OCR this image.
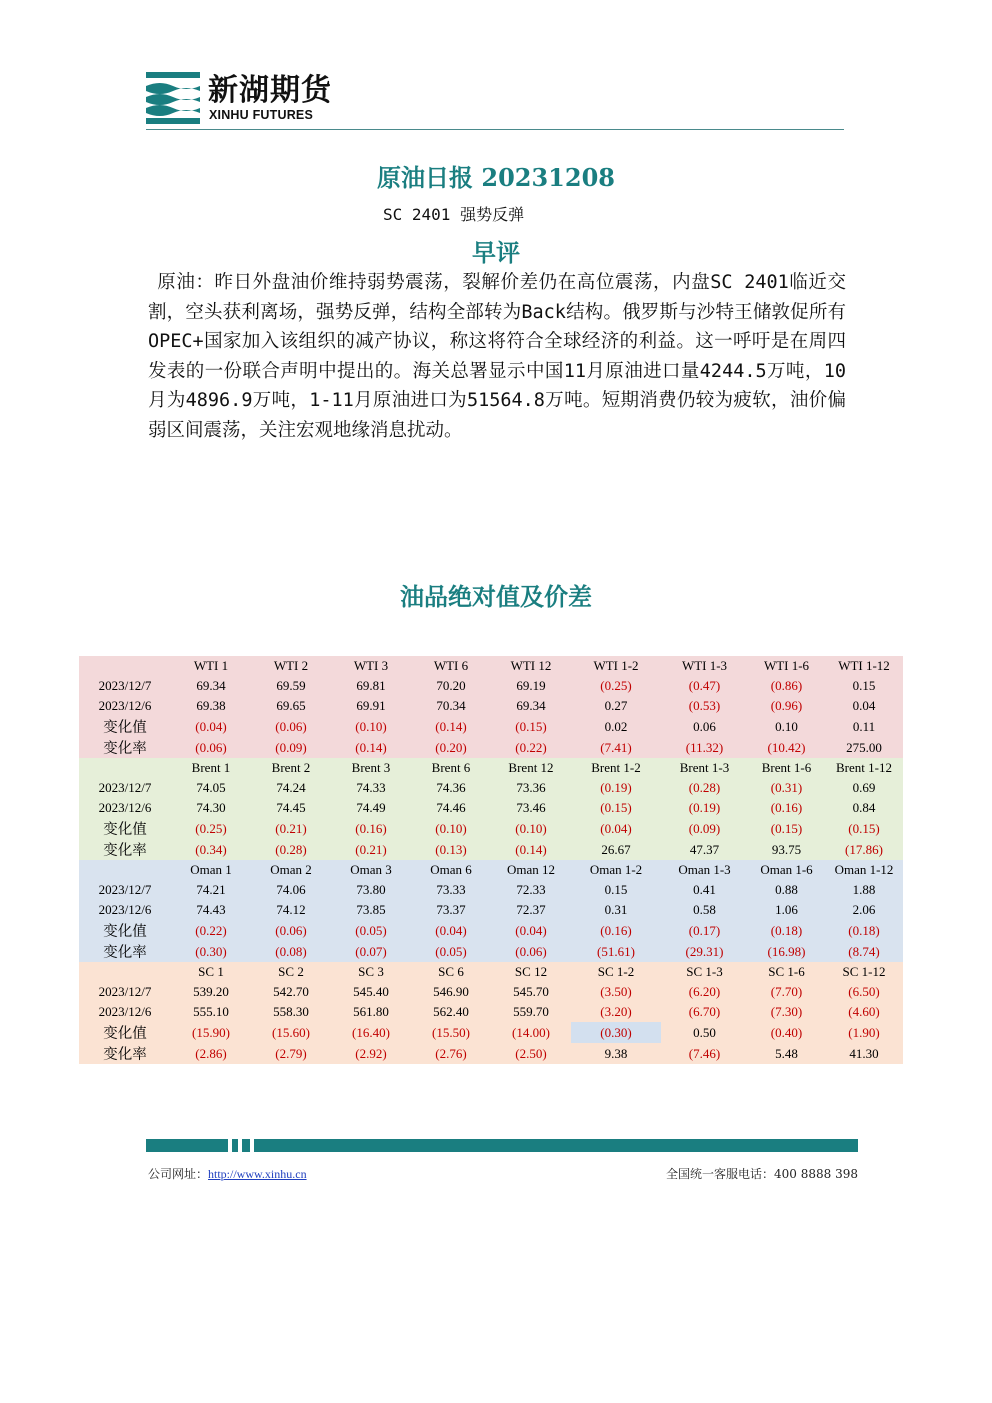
新湖期货
XINHU FUTURES
原油日报 20231208
SC 2401 强势反弹
早评
原油：昨日外盘油价维持弱势震荡，裂解价差仍在高位震荡，内盘SC 2401临近交割，空头获利离场，强势反弹，结构全部转为Back结构。俄罗斯与沙特王储敦促所有OPEC+国家加入该组织的减产协议，称这将符合全球经济的利益。这一呼吁是在周四发表的一份联合声明中提出的。海关总署显示中国11月原油进口量4244.5万吨，10月为4896.9万吨，1-11月原油进口为51564.8万吨。短期消费仍较为疲软，油价偏弱区间震荡，关注宏观地缘消息扰动。
油品绝对值及价差
	WTI 1	WTI 2	WTI 3	WTI 6	WTI 12	WTI 1-2	WTI 1-3	WTI 1-6	WTI 1-12
2023/12/7	69.34	69.59	69.81	70.20	69.19	(0.25)	(0.47)	(0.86)	0.15
2023/12/6	69.38	69.65	69.91	70.34	69.34	0.27	(0.53)	(0.96)	0.04
变化值	(0.04)	(0.06)	(0.10)	(0.14)	(0.15)	0.02	0.06	0.10	0.11
变化率	(0.06)	(0.09)	(0.14)	(0.20)	(0.22)	(7.41)	(11.32)	(10.42)	275.00
	Brent 1	Brent 2	Brent 3	Brent 6	Brent 12	Brent 1-2	Brent 1-3	Brent 1-6	Brent 1-12
2023/12/7	74.05	74.24	74.33	74.36	73.36	(0.19)	(0.28)	(0.31)	0.69
2023/12/6	74.30	74.45	74.49	74.46	73.46	(0.15)	(0.19)	(0.16)	0.84
变化值	(0.25)	(0.21)	(0.16)	(0.10)	(0.10)	(0.04)	(0.09)	(0.15)	(0.15)
变化率	(0.34)	(0.28)	(0.21)	(0.13)	(0.14)	26.67	47.37	93.75	(17.86)
	Oman 1	Oman 2	Oman 3	Oman 6	Oman 12	Oman 1-2	Oman 1-3	Oman 1-6	Oman 1-12
2023/12/7	74.21	74.06	73.80	73.33	72.33	0.15	0.41	0.88	1.88
2023/12/6	74.43	74.12	73.85	73.37	72.37	0.31	0.58	1.06	2.06
变化值	(0.22)	(0.06)	(0.05)	(0.04)	(0.04)	(0.16)	(0.17)	(0.18)	(0.18)
变化率	(0.30)	(0.08)	(0.07)	(0.05)	(0.06)	(51.61)	(29.31)	(16.98)	(8.74)
	SC 1	SC 2	SC 3	SC 6	SC 12	SC 1-2	SC 1-3	SC 1-6	SC 1-12
2023/12/7	539.20	542.70	545.40	546.90	545.70	(3.50)	(6.20)	(7.70)	(6.50)
2023/12/6	555.10	558.30	561.80	562.40	559.70	(3.20)	(6.70)	(7.30)	(4.60)
变化值	(15.90)	(15.60)	(16.40)	(15.50)	(14.00)	(0.30)	0.50	(0.40)	(1.90)
变化率	(2.86)	(2.79)	(2.92)	(2.76)	(2.50)	9.38	(7.46)	5.48	41.30
公司网址：http://www.xinhu.cn	全国统一客服电话：400 8888 398
